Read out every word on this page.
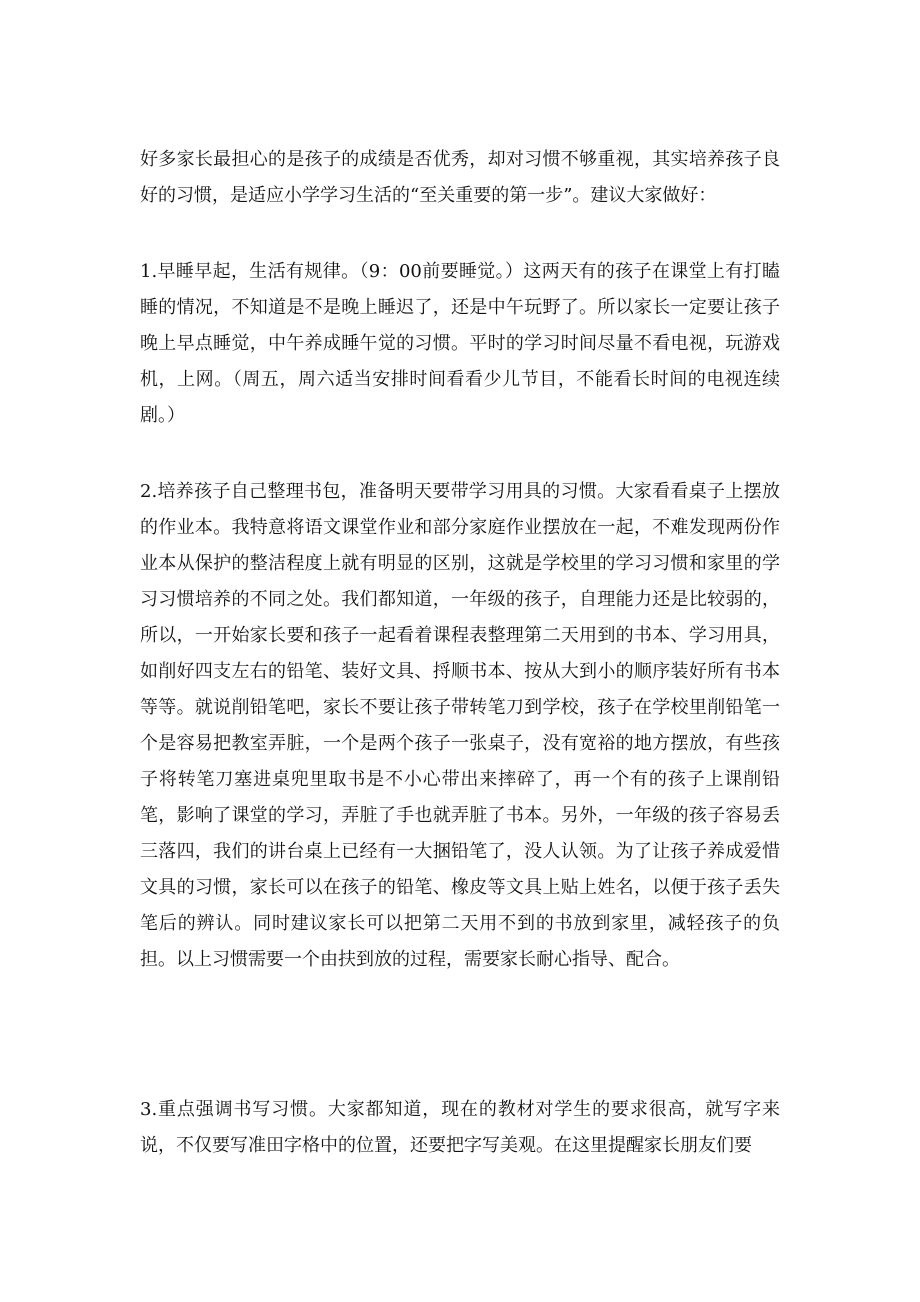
好多家长最担心的是孩子的成绩是否优秀，却对习惯不够重视，其实培养孩子良好的习惯，是适应小学学习生活的“至关重要的第一步”。建议大家做好：

1.早睡早起，生活有规律。（9：00前要睡觉。）这两天有的孩子在课堂上有打瞌睡的情况，不知道是不是晚上睡迟了，还是中午玩野了。所以家长一定要让孩子晚上早点睡觉，中午养成睡午觉的习惯。平时的学习时间尽量不看电视，玩游戏机，上网。（周五，周六适当安排时间看看少儿节目，不能看长时间的电视连续剧。）

2.培养孩子自己整理书包，准备明天要带学习用具的习惯。大家看看桌子上摆放的作业本。我特意将语文课堂作业和部分家庭作业摆放在一起，不难发现两份作业本从保护的整洁程度上就有明显的区别，这就是学校里的学习习惯和家里的学习习惯培养的不同之处。我们都知道，一年级的孩子，自理能力还是比较弱的，所以，一开始家长要和孩子一起看着课程表整理第二天用到的书本、学习用具，如削好四支左右的铅笔、装好文具、捋顺书本、按从大到小的顺序装好所有书本等等。就说削铅笔吧，家长不要让孩子带转笔刀到学校，孩子在学校里削铅笔一个是容易把教室弄脏，一个是两个孩子一张桌子，没有宽裕的地方摆放，有些孩子将转笔刀塞进桌兜里取书是不小心带出来摔碎了，再一个有的孩子上课削铅笔，影响了课堂的学习，弄脏了手也就弄脏了书本。另外，一年级的孩子容易丢三落四，我们的讲台桌上已经有一大捆铅笔了，没人认领。为了让孩子养成爱惜文具的习惯，家长可以在孩子的铅笔、橡皮等文具上贴上姓名，以便于孩子丢失笔后的辨认。同时建议家长可以把第二天用不到的书放到家里，减轻孩子的负担。以上习惯需要一个由扶到放的过程，需要家长耐心指导、配合。

3.重点强调书写习惯。大家都知道，现在的教材对学生的要求很高，就写字来说，不仅要写准田字格中的位置，还要把字写美观。在这里提醒家长朋友们要
